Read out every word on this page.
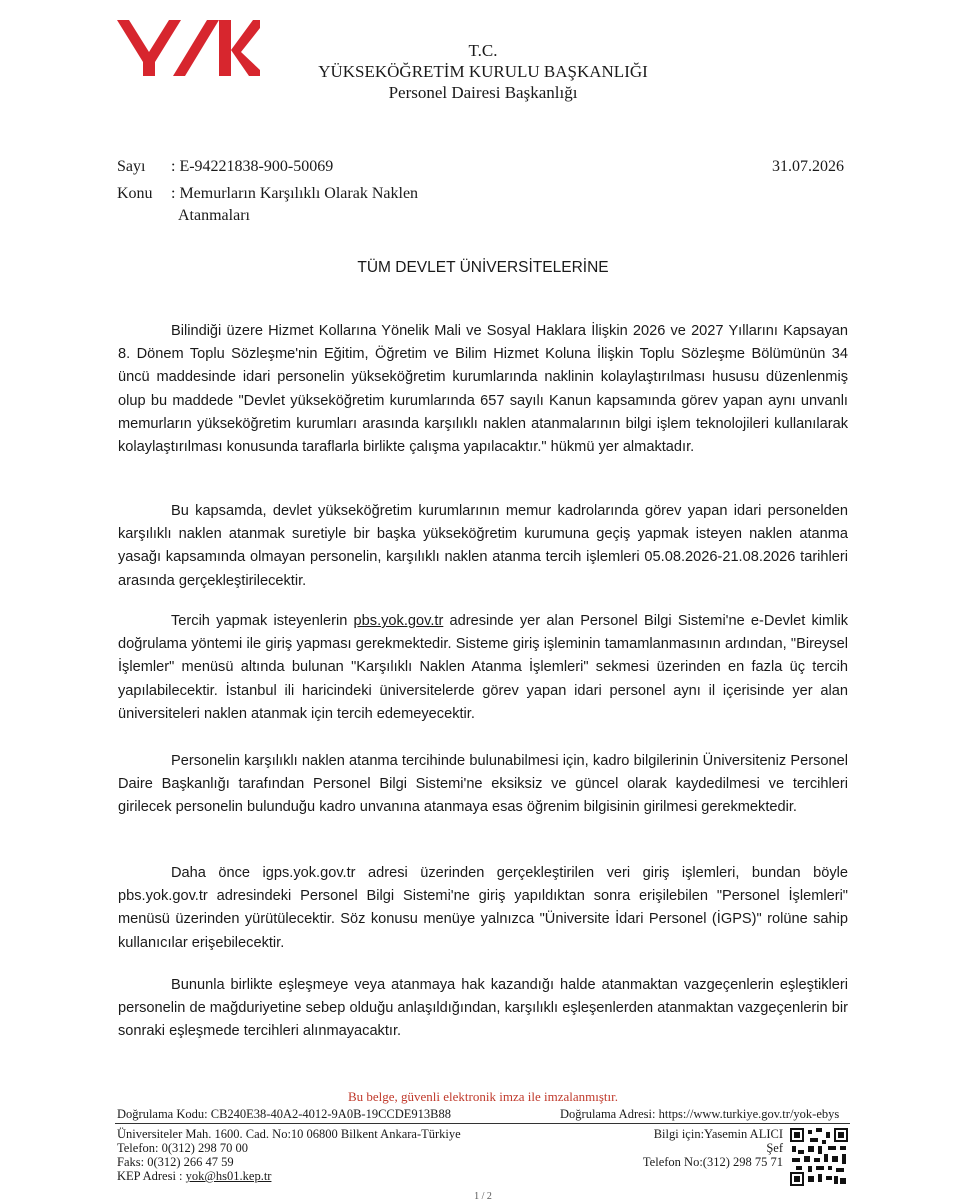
T.C.
YÜKSEKÖĞRETİM KURULU BAŞKANLIĞI
Personel Dairesi Başkanlığı
Sayı : E-94221838-900-50069	31.07.2026
Konu : Memurların Karşılıklı Olarak Naklen
Atanmaları
TÜM DEVLET ÜNİVERSİTELERİNE

Bilindiği üzere Hizmet Kollarına Yönelik Mali ve Sosyal Haklara İlişkin 2026 ve 2027 Yıllarını Kapsayan 8. Dönem Toplu Sözleşme'nin Eğitim, Öğretim ve Bilim Hizmet Koluna İlişkin Toplu Sözleşme Bölümünün 34 üncü maddesinde idari personelin yükseköğretim kurumlarında naklinin kolaylaştırılması hususu düzenlenmiş olup bu maddede "Devlet yükseköğretim kurumlarında 657 sayılı Kanun kapsamında görev yapan aynı unvanlı memurların yükseköğretim kurumları arasında karşılıklı naklen atanmalarının bilgi işlem teknolojileri kullanılarak kolaylaştırılması konusunda taraflarla birlikte çalışma yapılacaktır." hükmü yer almaktadır.

Bu kapsamda, devlet yükseköğretim kurumlarının memur kadrolarında görev yapan idari personelden karşılıklı naklen atanmak suretiyle bir başka yükseköğretim kurumuna geçiş yapmak isteyen naklen atanma yasağı kapsamında olmayan personelin, karşılıklı naklen atanma tercih işlemleri 05.08.2026-21.08.2026 tarihleri arasında gerçekleştirilecektir.

Tercih yapmak isteyenlerin pbs.yok.gov.tr adresinde yer alan Personel Bilgi Sistemi'ne e-Devlet kimlik doğrulama yöntemi ile giriş yapması gerekmektedir. Sisteme giriş işleminin tamamlanmasının ardından, "Bireysel İşlemler" menüsü altında bulunan "Karşılıklı Naklen Atanma İşlemleri" sekmesi üzerinden en fazla üç tercih yapılabilecektir. İstanbul ili haricindeki üniversitelerde görev yapan idari personel aynı il içerisinde yer alan üniversiteleri naklen atanmak için tercih edemeyecektir.

Personelin karşılıklı naklen atanma tercihinde bulunabilmesi için, kadro bilgilerinin Üniversiteniz Personel Daire Başkanlığı tarafından Personel Bilgi Sistemi'ne eksiksiz ve güncel olarak kaydedilmesi ve tercihleri girilecek personelin bulunduğu kadro unvanına atanmaya esas öğrenim bilgisinin girilmesi gerekmektedir.

Daha önce igps.yok.gov.tr adresi üzerinden gerçekleştirilen veri giriş işlemleri, bundan böyle pbs.yok.gov.tr adresindeki Personel Bilgi Sistemi'ne giriş yapıldıktan sonra erişilebilen "Personel İşlemleri" menüsü üzerinden yürütülecektir. Söz konusu menüye yalnızca "Üniversite İdari Personel (İGPS)" rolüne sahip kullanıcılar erişebilecektir.

Bununla birlikte eşleşmeye veya atanmaya hak kazandığı halde atanmaktan vazgeçenlerin eşleştikleri personelin de mağduriyetine sebep olduğu anlaşıldığından, karşılıklı eşleşenlerden atanmaktan vazgeçenlerin bir sonraki eşleşmede tercihleri alınmayacaktır.

Bu belge, güvenli elektronik imza ile imzalanmıştır.
Doğrulama Kodu: CB240E38-40A2-4012-9A0B-19CCDE913B88	Doğrulama Adresi: https://www.turkiye.gov.tr/yok-ebys
Üniversiteler Mah. 1600. Cad. No:10 06800 Bilkent Ankara-Türkiye
Telefon: 0(312) 298 70 00
Faks: 0(312) 266 47 59
KEP Adresi : yok@hs01.kep.tr
Bilgi için:Yasemin ALICI
Şef
Telefon No:(312) 298 75 71
1 / 2
